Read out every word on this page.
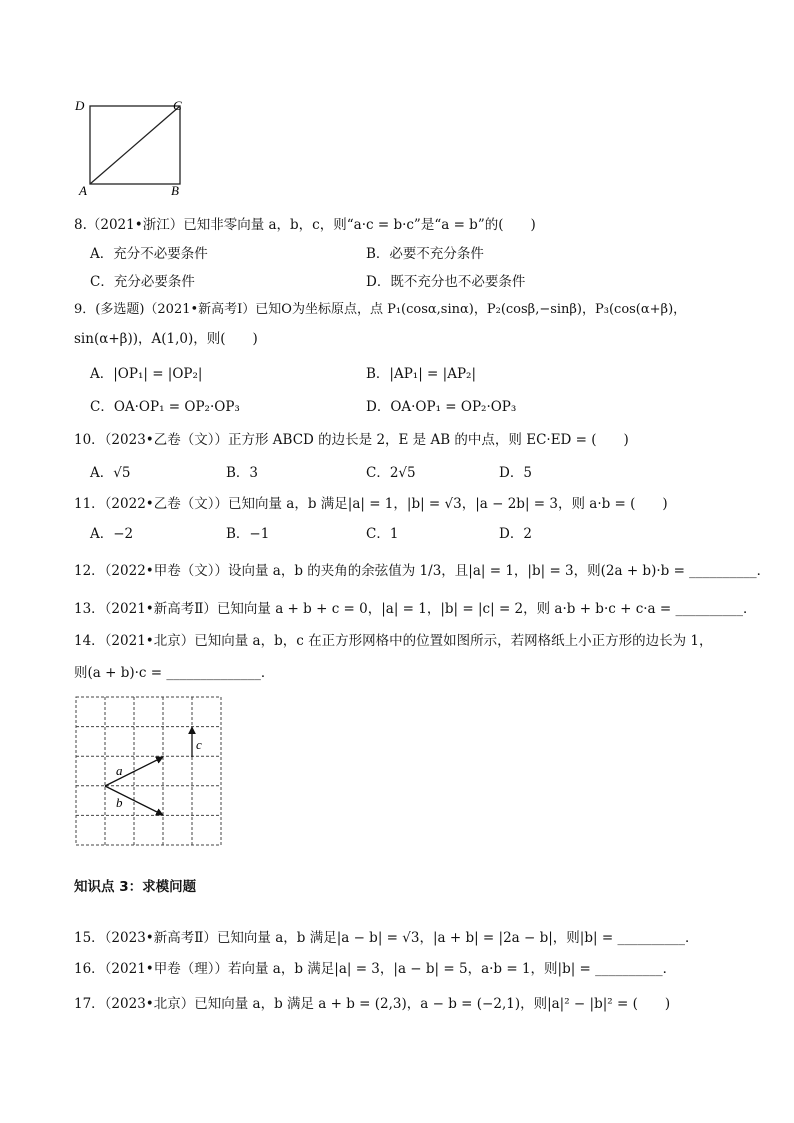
D	C
A	B
8.（2021•浙江）已知非零向量 a，b，c，则“a·c = b·c”是“a = b”的(　　)
A．充分不必要条件	B．必要不充分条件
C．充分必要条件	D．既不充分也不必要条件
9．(多选题)（2021•新高考Ⅰ）已知O为坐标原点，点 P₁(cosα,sinα)，P₂(cosβ,−sinβ)，P₃(cos(α+β)，
sin(α+β))，A(1,0)，则(　　)
A．|OP₁| = |OP₂|	B．|AP₁| = |AP₂|
C．OA·OP₁ = OP₂·OP₃	D．OA·OP₁ = OP₂·OP₃
10．（2023•乙卷（文））正方形 ABCD 的边长是 2，E 是 AB 的中点，则 EC·ED = (　　)
A．√5	B．3	C．2√5	D．5
11．（2022•乙卷（文））已知向量 a，b 满足|a| = 1，|b| = √3，|a − 2b| = 3，则 a·b = (　　)
A．−2	B．−1	C．1	D．2
12．（2022•甲卷（文））设向量 a，b 的夹角的余弦值为 1/3，且|a| = 1，|b| = 3，则(2a + b)·b = __________．
13．（2021•新高考Ⅱ）已知向量 a + b + c = 0，|a| = 1，|b| = |c| = 2，则 a·b + b·c + c·a = __________．
14．（2021•北京）已知向量 a，b，c 在正方形网格中的位置如图所示，若网格纸上小正方形的边长为 1，
则(a + b)·c = ______________．
a
b
c
知识点 3：求模问题
15．（2023•新高考Ⅱ）已知向量 a，b 满足|a − b| = √3，|a + b| = |2a − b|，则|b| = __________．
16．（2021•甲卷（理））若向量 a，b 满足|a| = 3，|a − b| = 5，a·b = 1，则|b| = __________．
17．（2023•北京）已知向量 a，b 满足 a + b = (2,3)，a − b = (−2,1)，则|a|² − |b|² = (　　)
